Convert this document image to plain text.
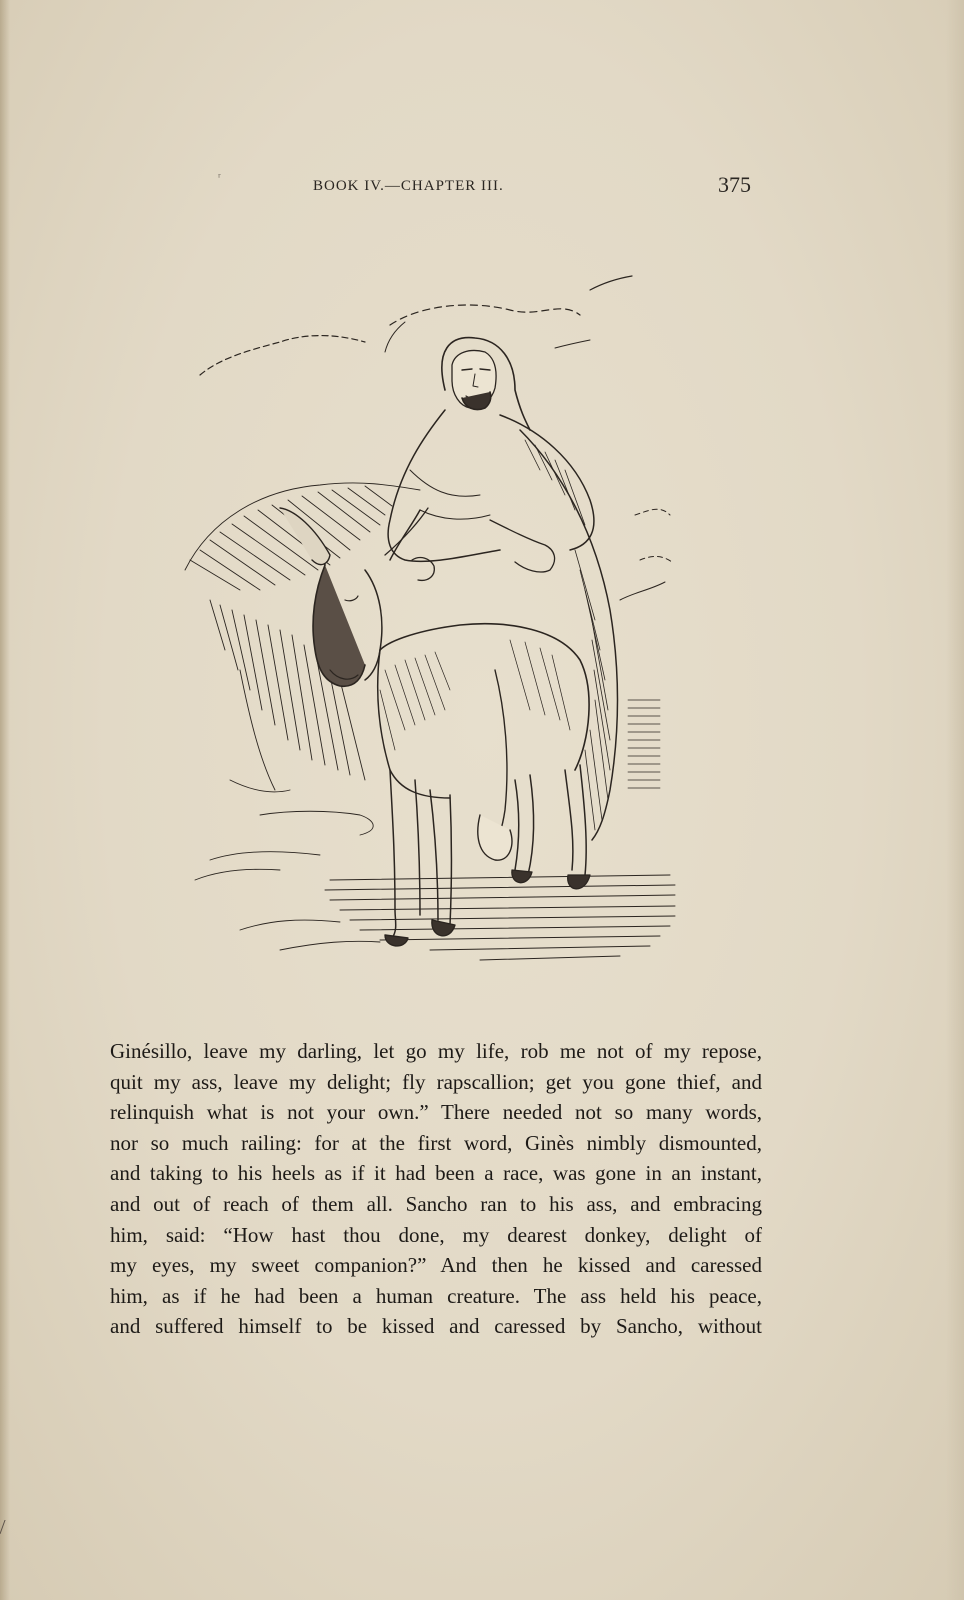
ʳ
BOOK IV.—CHAPTER III.	375
Ginésillo, leave my darling, let go my life, rob me not of my repose,
quit my ass, leave my delight; fly rapscallion; get you gone thief, and
relinquish what is not your own.” There needed not so many words,
nor so much railing: for at the first word, Ginès nimbly dismounted,
and taking to his heels as if it had been a race, was gone in an instant,
and out of reach of them all. Sancho ran to his ass, and embracing
him, said: “How hast thou done, my dearest donkey, delight of
my eyes, my sweet companion?” And then he kissed and caressed
him, as if he had been a human creature. The ass held his peace,
and suffered himself to be kissed and caressed by Sancho, without
